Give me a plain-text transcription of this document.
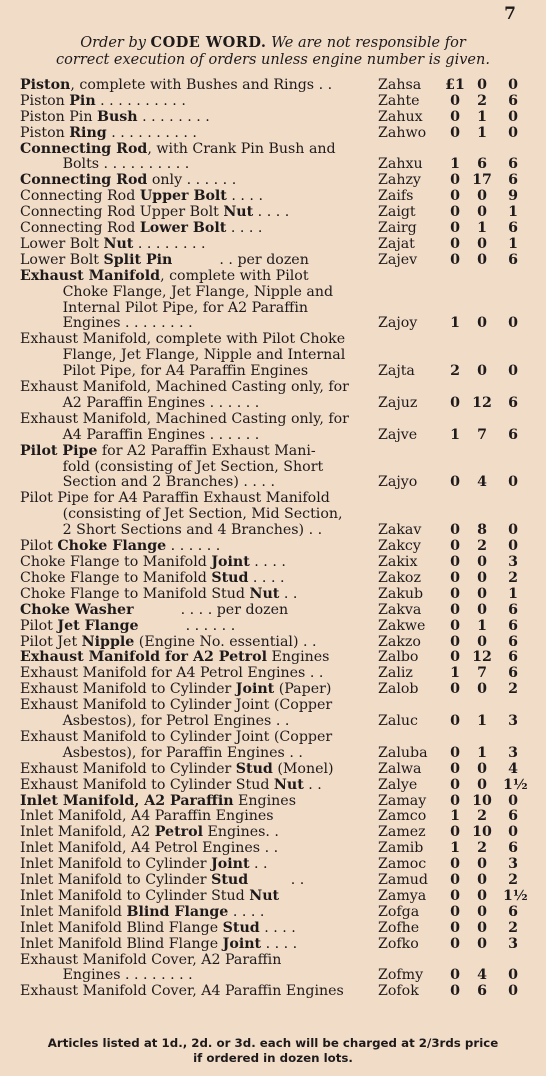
7
Order by CODE WORD. We are not responsible for
correct execution of orders unless engine number is given.
Piston, complete with Bushes and Rings . .	Zahsa	£1 0	0
Piston Pin . . . . . . . . . .	Zahte	0	2	6
Piston Pin Bush . . . . . . . .	Zahux	0	1	0
Piston Ring . . . . . . . . . .	Zahwo	0	1	0
Connecting Rod, with Crank Pin Bush and
   Bolts . . . . . . . . . .	Zahxu	1	6	6
Connecting Rod only . . . . . .	Zahzy	0 17	6
Connecting Rod Upper Bolt . . . .	Zaifs	0	0	9
Connecting Rod Upper Bolt Nut . . . .	Zaigt	0	0	1
Connecting Rod Lower Bolt . . . .	Zairg	0	1	6
Lower Bolt Nut . . . . . . . .	Zajat	0	0	1
Lower Bolt Split Pin    . . per dozen	Zajev	0	0	6
Exhaust Manifold, complete with Pilot
   Choke Flange, Jet Flange, Nipple and
   Internal Pilot Pipe, for A2 Paraffin
   Engines . . . . . . . .	Zajoy	1	0	0
Exhaust Manifold, complete with Pilot Choke
   Flange, Jet Flange, Nipple and Internal
   Pilot Pipe, for A4 Paraffin Engines	Zajta	2	0	0
Exhaust Manifold, Machined Casting only, for
   A2 Paraffin Engines . . . . . .	Zajuz	0 12	6
Exhaust Manifold, Machined Casting only, for
   A4 Paraffin Engines . . . . . .	Zajve	1	7	6
Pilot Pipe for A2 Paraffin Exhaust Mani-
   fold (consisting of Jet Section, Short
   Section and 2 Branches) . . . .	Zajyo	0	4	0
Pilot Pipe for A4 Paraffin Exhaust Manifold
   (consisting of Jet Section, Mid Section,
   2 Short Sections and 4 Branches) . .	Zakav	0	8	0
Pilot Choke Flange . . . . . .	Zakcy	0	2	0
Choke Flange to Manifold Joint . . . .	Zakix	0	0	3
Choke Flange to Manifold Stud . . . .	Zakoz	0	0	2
Choke Flange to Manifold Stud Nut . .	Zakub	0	0	1
Choke Washer    . . . . per dozen	Zakva	0	0	6
Pilot Jet Flange    . . . . . .	Zakwe	0	1	6
Pilot Jet Nipple (Engine No. essential) . .	Zakzo	0	0	6
Exhaust Manifold for A2 Petrol Engines	Zalbo	0 12	6
Exhaust Manifold for A4 Petrol Engines . .	Zaliz	1	7	6
Exhaust Manifold to Cylinder Joint (Paper)	Zalob	0	0	2
Exhaust Manifold to Cylinder Joint (Copper
   Asbestos), for Petrol Engines . .	Zaluc	0	1	3
Exhaust Manifold to Cylinder Joint (Copper
   Asbestos), for Paraffin Engines . .	Zaluba	0	1	3
Exhaust Manifold to Cylinder Stud (Monel)	Zalwa	0	0	4
Exhaust Manifold to Cylinder Stud Nut . .	Zalye	0	0	1½
Inlet Manifold, A2 Paraffin Engines	Zamay	0 10	0
Inlet Manifold, A4 Paraffin Engines	Zamco	1	2	6
Inlet Manifold, A2 Petrol Engines. .	Zamez	0 10	0
Inlet Manifold, A4 Petrol Engines . .	Zamib	1	2	6
Inlet Manifold to Cylinder Joint . .	Zamoc	0	0	3
Inlet Manifold to Cylinder Stud   . .	Zamud	0	0	2
Inlet Manifold to Cylinder Stud Nut	Zamya	0	0	1½
Inlet Manifold Blind Flange . . . .	Zofga	0	0	6
Inlet Manifold Blind Flange Stud . . . .	Zofhe	0	0	2
Inlet Manifold Blind Flange Joint . . . .	Zofko	0	0	3
Exhaust Manifold Cover, A2 Paraffin
   Engines . . . . . . . .	Zofmy	0	4	0
Exhaust Manifold Cover, A4 Paraffin Engines	Zofok	0	6	0
Articles listed at 1d., 2d. or 3d. each will be charged at 2/3rds price
if ordered in dozen lots.
